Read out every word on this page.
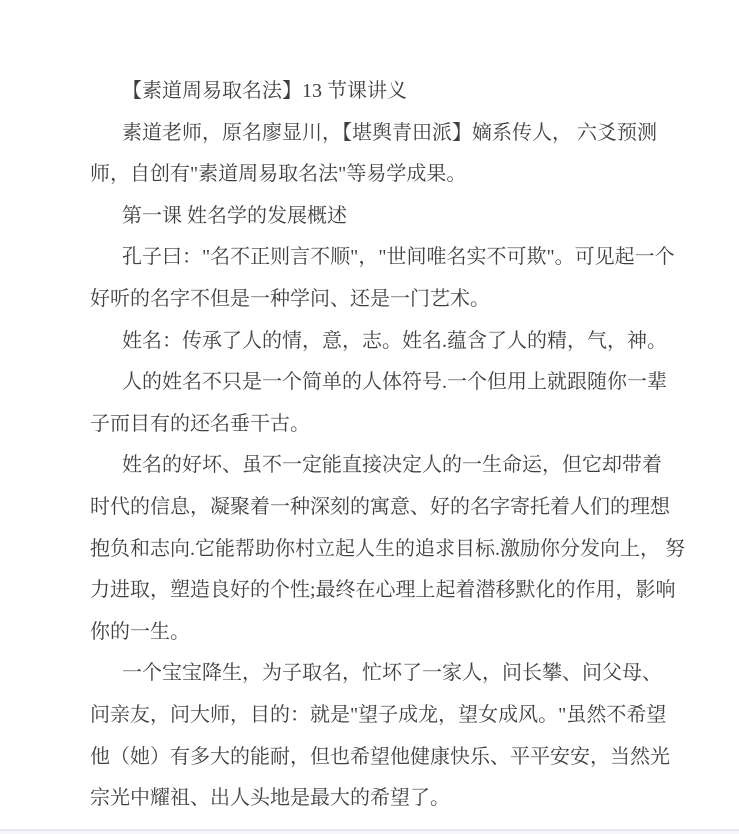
【素道周易取名法】13 节课讲义
素道老师，原名廖显川，【堪舆青田派】嫡系传人， 六爻预测
师，自创有"素道周易取名法"等易学成果。
第一课 姓名学的发展概述
孔子曰："名不正则言不顺"，"世间唯名实不可欺"。可见起一个
好听的名字不但是一种学问、还是一门艺术。
姓名：传承了人的情，意，志。姓名.蕴含了人的精，气，神。
人的姓名不只是一个简单的人体符号.一个但用上就跟随你一辈
子而目有的还名垂干古。
姓名的好坏、虽不一定能直接决定人的一生命运，但它却带着
时代的信息，凝聚着一种深刻的寓意、好的名字寄托着人们的理想
抱负和志向.它能帮助你村立起人生的追求目标.激励你分发向上， 努
力进取，塑造良好的个性;最终在心理上起着潜移默化的作用，影响
你的一生。
一个宝宝降生，为子取名，忙坏了一家人，问长攀、问父母、
问亲友，问大师，目的：就是"望子成龙，望女成风。"虽然不希望
他（她）有多大的能耐，但也希望他健康快乐、平平安安，当然光
宗光中耀祖、出人头地是最大的希望了。
